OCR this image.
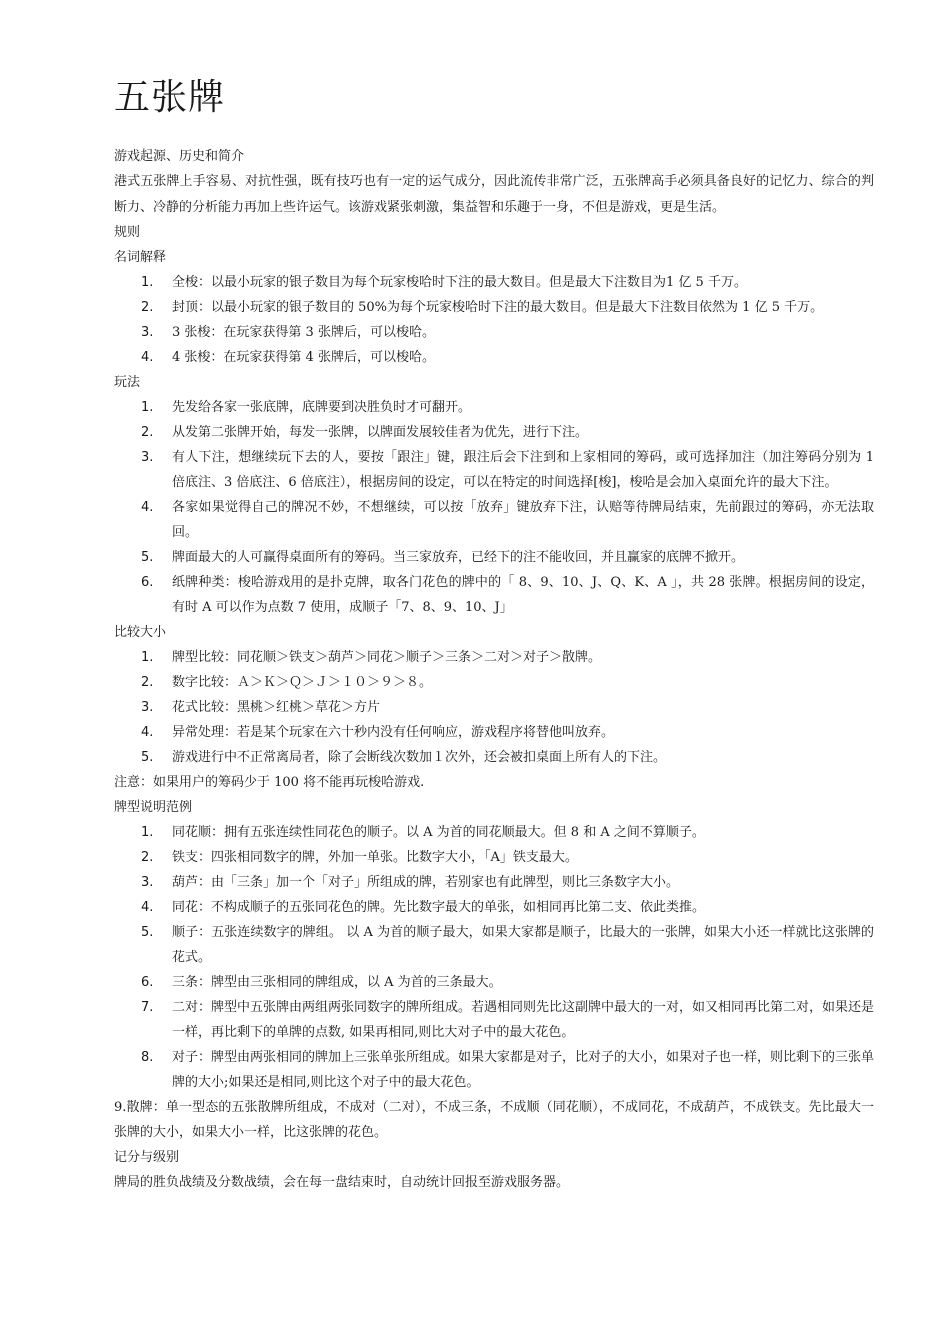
五张牌

游戏起源、历史和简介

港式五张牌上手容易、对抗性强，既有技巧也有一定的运气成分，因此流传非常广泛，五张牌高手必须具备良好的记忆力、综合的判断力、冷静的分析能力再加上些许运气。该游戏紧张刺激，集益智和乐趣于一身，不但是游戏，更是生活。

规则

名词解释

1. 全梭：以最小玩家的银子数目为每个玩家梭哈时下注的最大数目。但是最大下注数目为1 亿 5 千万。
2. 封顶：以最小玩家的银子数目的 50%为每个玩家梭哈时下注的最大数目。但是最大下注数目依然为 1 亿 5 千万。
3. 3 张梭：在玩家获得第 3 张牌后，可以梭哈。
4. 4 张梭：在玩家获得第 4 张牌后，可以梭哈。

玩法

1. 先发给各家一张底牌，底牌要到决胜负时才可翻开。
2. 从发第二张牌开始，每发一张牌，以牌面发展较佳者为优先，进行下注。
3. 有人下注，想继续玩下去的人，要按「跟注」键，跟注后会下注到和上家相同的筹码，或可选择加注（加注筹码分别为 1 倍底注、3 倍底注、6 倍底注），根据房间的设定，可以在特定的时间选择[梭]，梭哈是会加入桌面允许的最大下注。
4. 各家如果觉得自己的牌况不妙，不想继续，可以按「放弃」键放弃下注，认赔等待牌局结束，先前跟过的筹码，亦无法取回。
5. 牌面最大的人可赢得桌面所有的筹码。当三家放弃，已经下的注不能收回，并且赢家的底牌不掀开。
6. 纸牌种类：梭哈游戏用的是扑克牌，取各门花色的牌中的「 8、9、10、J、Q、K、A 」，共 28 张牌。根据房间的设定，有时 A 可以作为点数 7 使用，成顺子「7、8、9、10、J」

比较大小

1. 牌型比较：同花顺＞铁支＞葫芦＞同花＞顺子＞三条＞二对＞对子＞散牌。
2. 数字比较：Ａ＞Ｋ＞Ｑ＞Ｊ＞１０＞９＞８。
3. 花式比较：黑桃＞红桃＞草花＞方片
4. 异常处理：若是某个玩家在六十秒内没有任何响应，游戏程序将替他叫放弃。
5. 游戏进行中不正常离局者，除了会断线次数加１次外，还会被扣桌面上所有人的下注。

注意：如果用户的筹码少于 100 将不能再玩梭哈游戏.

牌型说明范例

1. 同花顺：拥有五张连续性同花色的顺子。以 A 为首的同花顺最大。但 8 和 A 之间不算顺子。
2. 铁支：四张相同数字的牌，外加一单张。比数字大小，「A」铁支最大。
3. 葫芦：由「三条」加一个「对子」所组成的牌，若别家也有此牌型，则比三条数字大小。
4. 同花：不构成顺子的五张同花色的牌。先比数字最大的单张，如相同再比第二支、依此类推。
5. 顺子：五张连续数字的牌组。 以 A 为首的顺子最大，如果大家都是顺子，比最大的一张牌，如果大小还一样就比这张牌的花式。
6. 三条：牌型由三张相同的牌组成，以 A 为首的三条最大。
7. 二对：牌型中五张牌由两组两张同数字的牌所组成。若遇相同则先比这副牌中最大的一对，如又相同再比第二对，如果还是一样，再比剩下的单牌的点数, 如果再相同,则比大对子中的最大花色。
8. 对子：牌型由两张相同的牌加上三张单张所组成。如果大家都是对子，比对子的大小，如果对子也一样，则比剩下的三张单牌的大小;如果还是相同,则比这个对子中的最大花色。

9.散牌：单一型态的五张散牌所组成，不成对（二对），不成三条，不成顺（同花顺），不成同花，不成葫芦，不成铁支。先比最大一张牌的大小，如果大小一样，比这张牌的花色。

记分与级别

牌局的胜负战绩及分数战绩，会在每一盘结束时，自动统计回报至游戏服务器。
